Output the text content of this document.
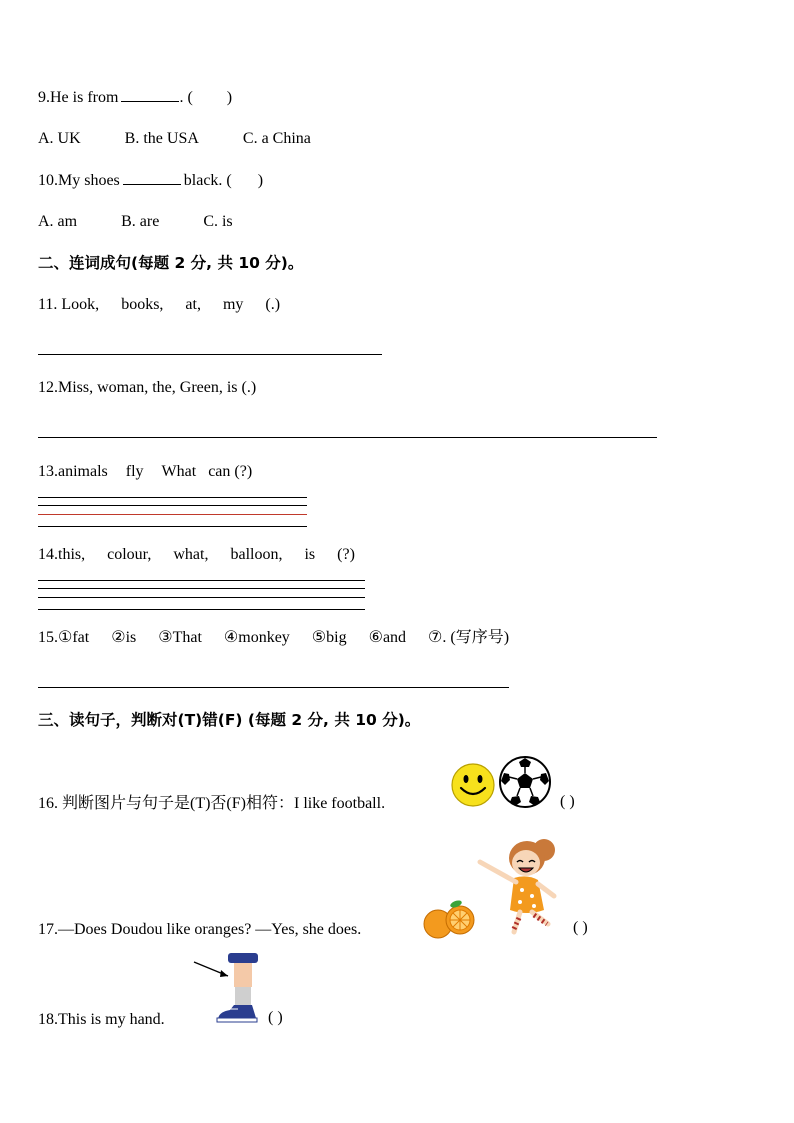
9.He is from	. ( )
A. UK	B. the USA	C. a China
10.My shoes	black. ( )
A. am	B. are	C. is
二、连词成句(每题 2 分, 共 10 分)。
11. Look, books, at, my (.)
12.Miss, woman, the, Green, is (.)
13.animals fly What can (?)
14.this, colour, what, balloon, is (?)
15.①fat ②is ③That ④monkey ⑤big ⑥and ⑦. (写序号)
三、读句子，判断对(T)错(F) (每题 2 分, 共 10 分)。
16. 判断图片与句子是(T)否(F)相符：I like football.	( )
17.—Does Doudou like oranges? —Yes, she does.	( )
18.This is my hand.	( )
